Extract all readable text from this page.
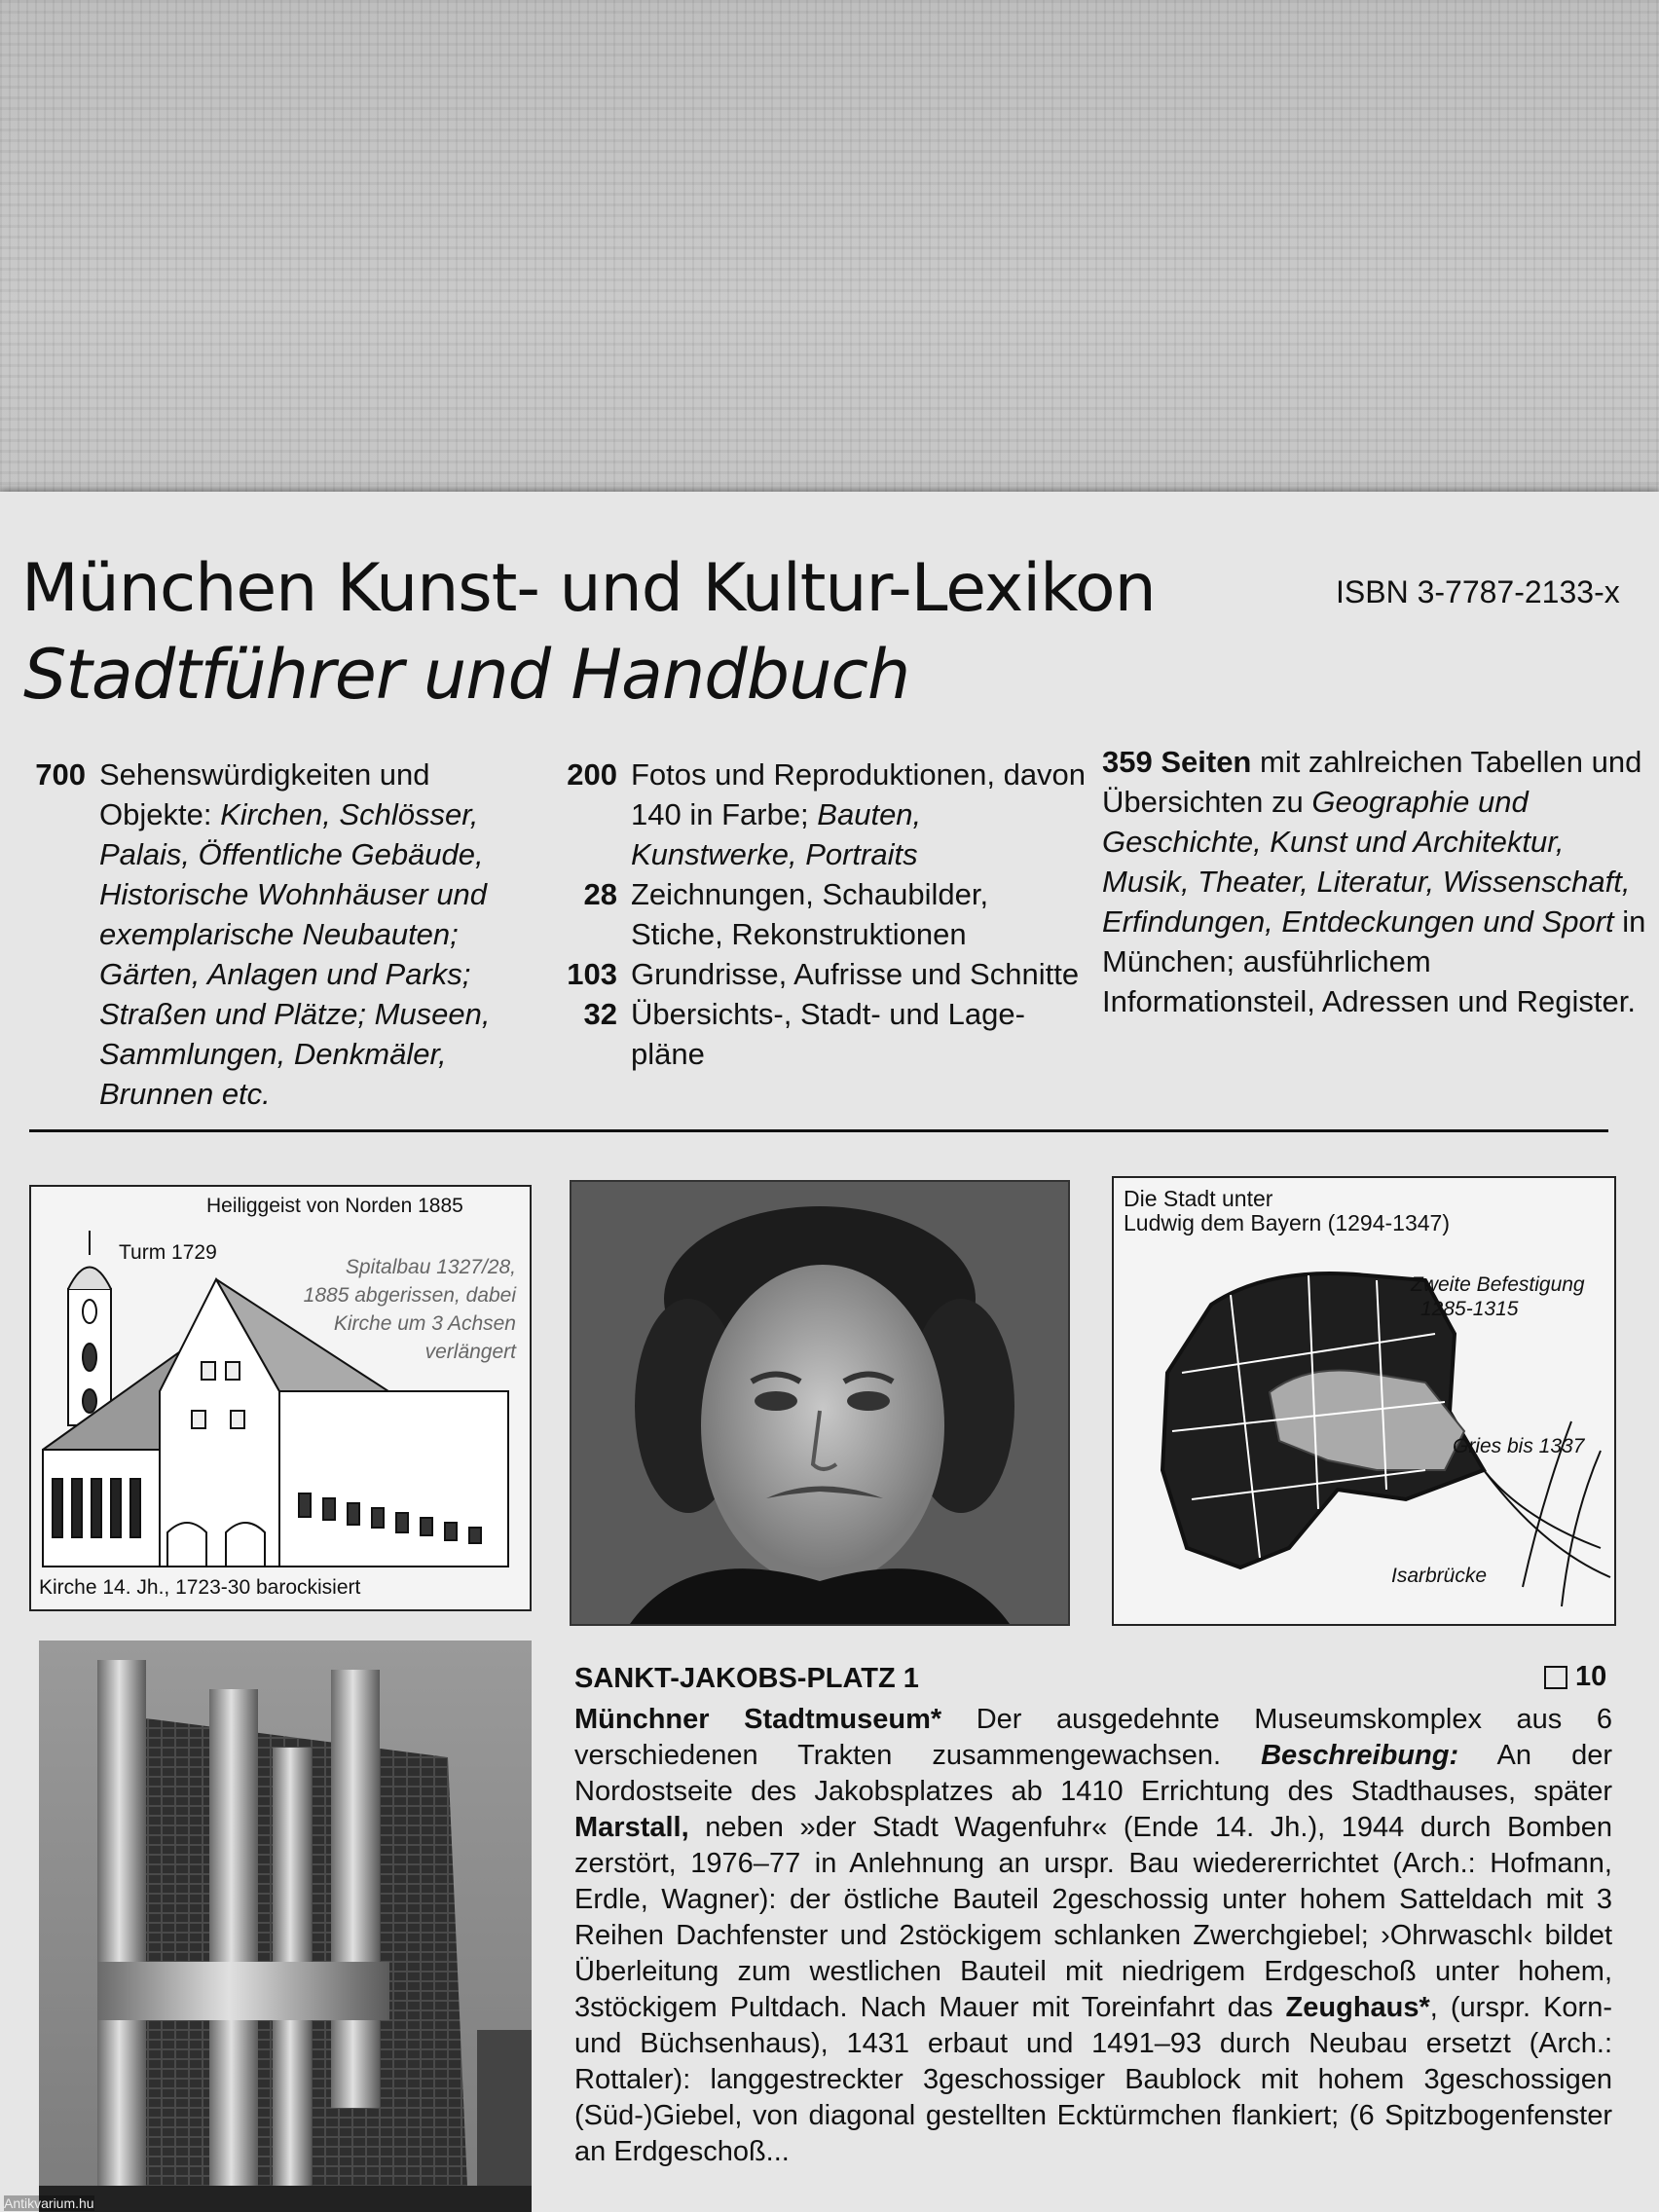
München Kunst- und Kultur-Lexikon
Stadtführer und Handbuch
ISBN 3-7787-2133-x
700 Sehenswürdigkeiten und Objekte: Kirchen, Schlösser, Palais, Öffentliche Gebäude, Historische Wohnhäuser und exemplarische Neubauten; Gärten, Anlagen und Parks; Straßen und Plätze; Museen, Sammlungen, Denkmäler, Brunnen etc.
200 Fotos und Reproduktionen, davon 140 in Farbe; Bauten, Kunstwerke, Portraits
28 Zeichnungen, Schaubilder, Stiche, Rekonstruktionen
103 Grundrisse, Aufrisse und Schnitte
32 Übersichts-, Stadt- und Lage-pläne
359 Seiten mit zahlreichen Tabellen und Übersichten zu Geographie und Geschichte, Kunst und Architektur, Musik, Theater, Literatur, Wissenschaft, Erfindungen, Entdeckungen und Sport in München; ausführlichem Informationsteil, Adressen und Register.
Heiliggeist von Norden 1885
Turm 1729
Spitalbau 1327/28,
1885 abgerissen, dabei
Kirche um 3 Achsen
verlängert
Kirche 14. Jh., 1723-30 barockisiert
Die Stadt unter
Ludwig dem Bayern (1294-1347)
Zweite Befestigung
1285-1315
Gries bis 1337
Isarbrücke
SANKT-JAKOBS-PLATZ 1	10
Münchner Stadtmuseum* Der ausgedehnte Museumskomplex aus 6 verschiedenen Trakten zusammengewachsen. Beschreibung: An der Nordostseite des Jakobsplatzes ab 1410 Errichtung des Stadthauses, später Marstall, neben »der Stadt Wagenfuhr« (Ende 14. Jh.), 1944 durch Bomben zerstört, 1976–77 in Anlehnung an urspr. Bau wiedererrichtet (Arch.: Hofmann, Erdle, Wagner): der östliche Bauteil 2geschossig unter hohem Satteldach mit 3 Reihen Dachfenster und 2stöckigem schlanken Zwerchgiebel; ›Ohrwaschl‹ bildet Überleitung zum westlichen Bauteil mit niedrigem Erdgeschoß unter hohem, 3stöckigem Pultdach. Nach Mauer mit Toreinfahrt das Zeughaus*, (urspr. Korn- und Büchsenhaus), 1431 erbaut und 1491–93 durch Neubau ersetzt (Arch.: Rottaler): langgestreckter 3geschossiger Baublock mit hohem 3geschossigen (Süd-)Giebel, von diagonal gestellten Ecktürmchen flankiert; (6 Spitzbogenfenster an Erdgeschoß...
Antikvarium.hu
